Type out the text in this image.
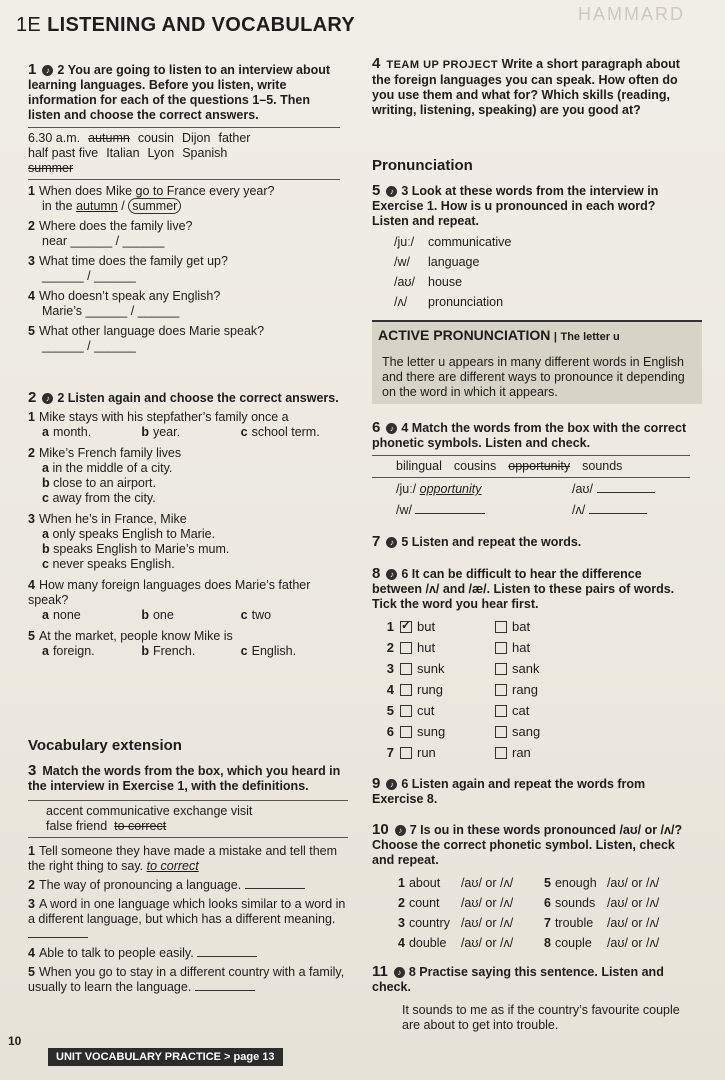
HAMMARD
1E LISTENING AND VOCABULARY
1 ♪ 2 You are going to listen to an interview about learning languages. Before you listen, write information for each of the questions 1–5. Then listen and choose the correct answers.
6.30 a.m. autumn cousin Dijon father
half past five Italian Lyon Spanish
summer
1 When does Mike go to France every year?
in the autumn / summer
2 Where does the family live?
near ______ / ______
3 What time does the family get up?
______ / ______
4 Who doesn’t speak any English?
Marie’s ______ / ______
5 What other language does Marie speak?
______ / ______
2 ♪ 2 Listen again and choose the correct answers.
1 Mike stays with his stepfather’s family once a
a month.	b year.	c school term.
2 Mike’s French family lives
a in the middle of a city.
b close to an airport.
c away from the city.
3 When he’s in France, Mike
a only speaks English to Marie.
b speaks English to Marie’s mum.
c never speaks English.
4 How many foreign languages does Marie’s father speak?
a none	b one	c two
5 At the market, people know Mike is
a foreign.	b French.	c English.
Vocabulary extension
3 Match the words from the box, which you heard in the interview in Exercise 1, with the definitions.
accent communicative exchange visit
false friend to correct
1 Tell someone they have made a mistake and tell them the right thing to say. to correct
2 The way of pronouncing a language.
3 A word in one language which looks similar to a word in a different language, but which has a different meaning.
4 Able to talk to people easily.
5 When you go to stay in a different country with a family, usually to learn the language.
4 TEAM UP PROJECT Write a short paragraph about the foreign languages you can speak. How often do you use them and what for? Which skills (reading, writing, listening, speaking) are you good at?
Pronunciation
5 ♪ 3 Look at these words from the interview in Exercise 1. How is u pronounced in each word? Listen and repeat.
/juː/ communicative
/w/ language
/aʊ/ house
/ʌ/ pronunciation
ACTIVE PRONUNCIATION | The letter u
The letter u appears in many different words in English and there are different ways to pronounce it depending on the word in which it appears.
6 ♪ 4 Match the words from the box with the correct phonetic symbols. Listen and check.
bilingual cousins opportunity sounds
/juː/ opportunity	/aʊ/
/w/	/ʌ/
7 ♪ 5 Listen and repeat the words.
8 ♪ 6 It can be difficult to hear the difference between /ʌ/ and /æ/. Listen to these pairs of words. Tick the word you hear first.
1
✓	but	bat
2	hut	hat
3	sunk	sank
4	rung	rang
5	cut	cat
6	sung	sang
7	run	ran
9 ♪ 6 Listen again and repeat the words from Exercise 8.
10 ♪ 7 Is ou in these words pronounced /aʊ/ or /ʌ/? Choose the correct phonetic symbol. Listen, check and repeat.
1 about /aʊ/ or /ʌ/	5 enough /aʊ/ or /ʌ/
2 count /aʊ/ or /ʌ/	6 sounds /aʊ/ or /ʌ/
3 country /aʊ/ or /ʌ/	7 trouble /aʊ/ or /ʌ/
4 double /aʊ/ or /ʌ/	8 couple /aʊ/ or /ʌ/
11 ♪ 8 Practise saying this sentence. Listen and check.
It sounds to me as if the country’s favourite couple are about to get into trouble.
10
UNIT VOCABULARY PRACTICE > page 13
